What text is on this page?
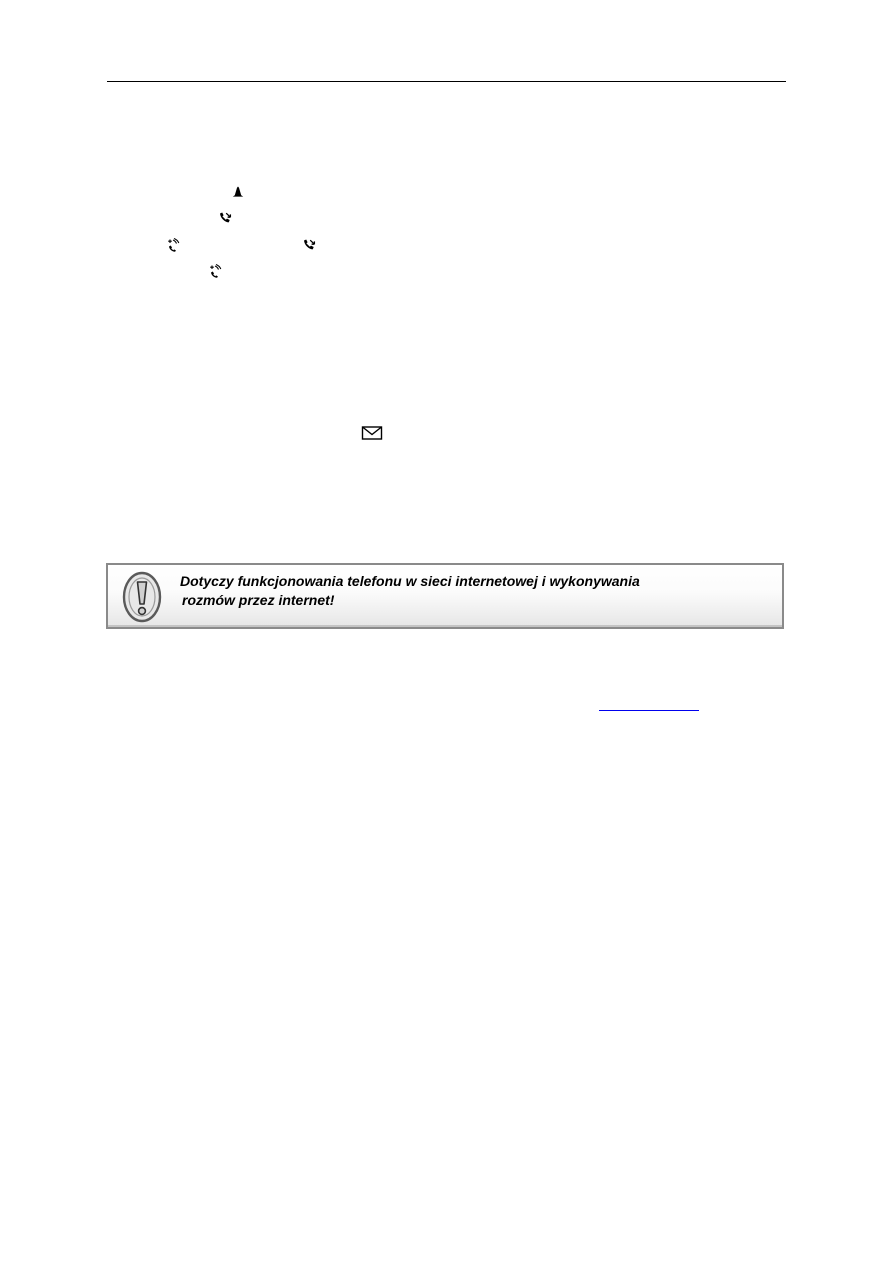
Dotyczy funkcjonowania telefonu w sieci internetowej i wykonywania
rozmów przez internet!
